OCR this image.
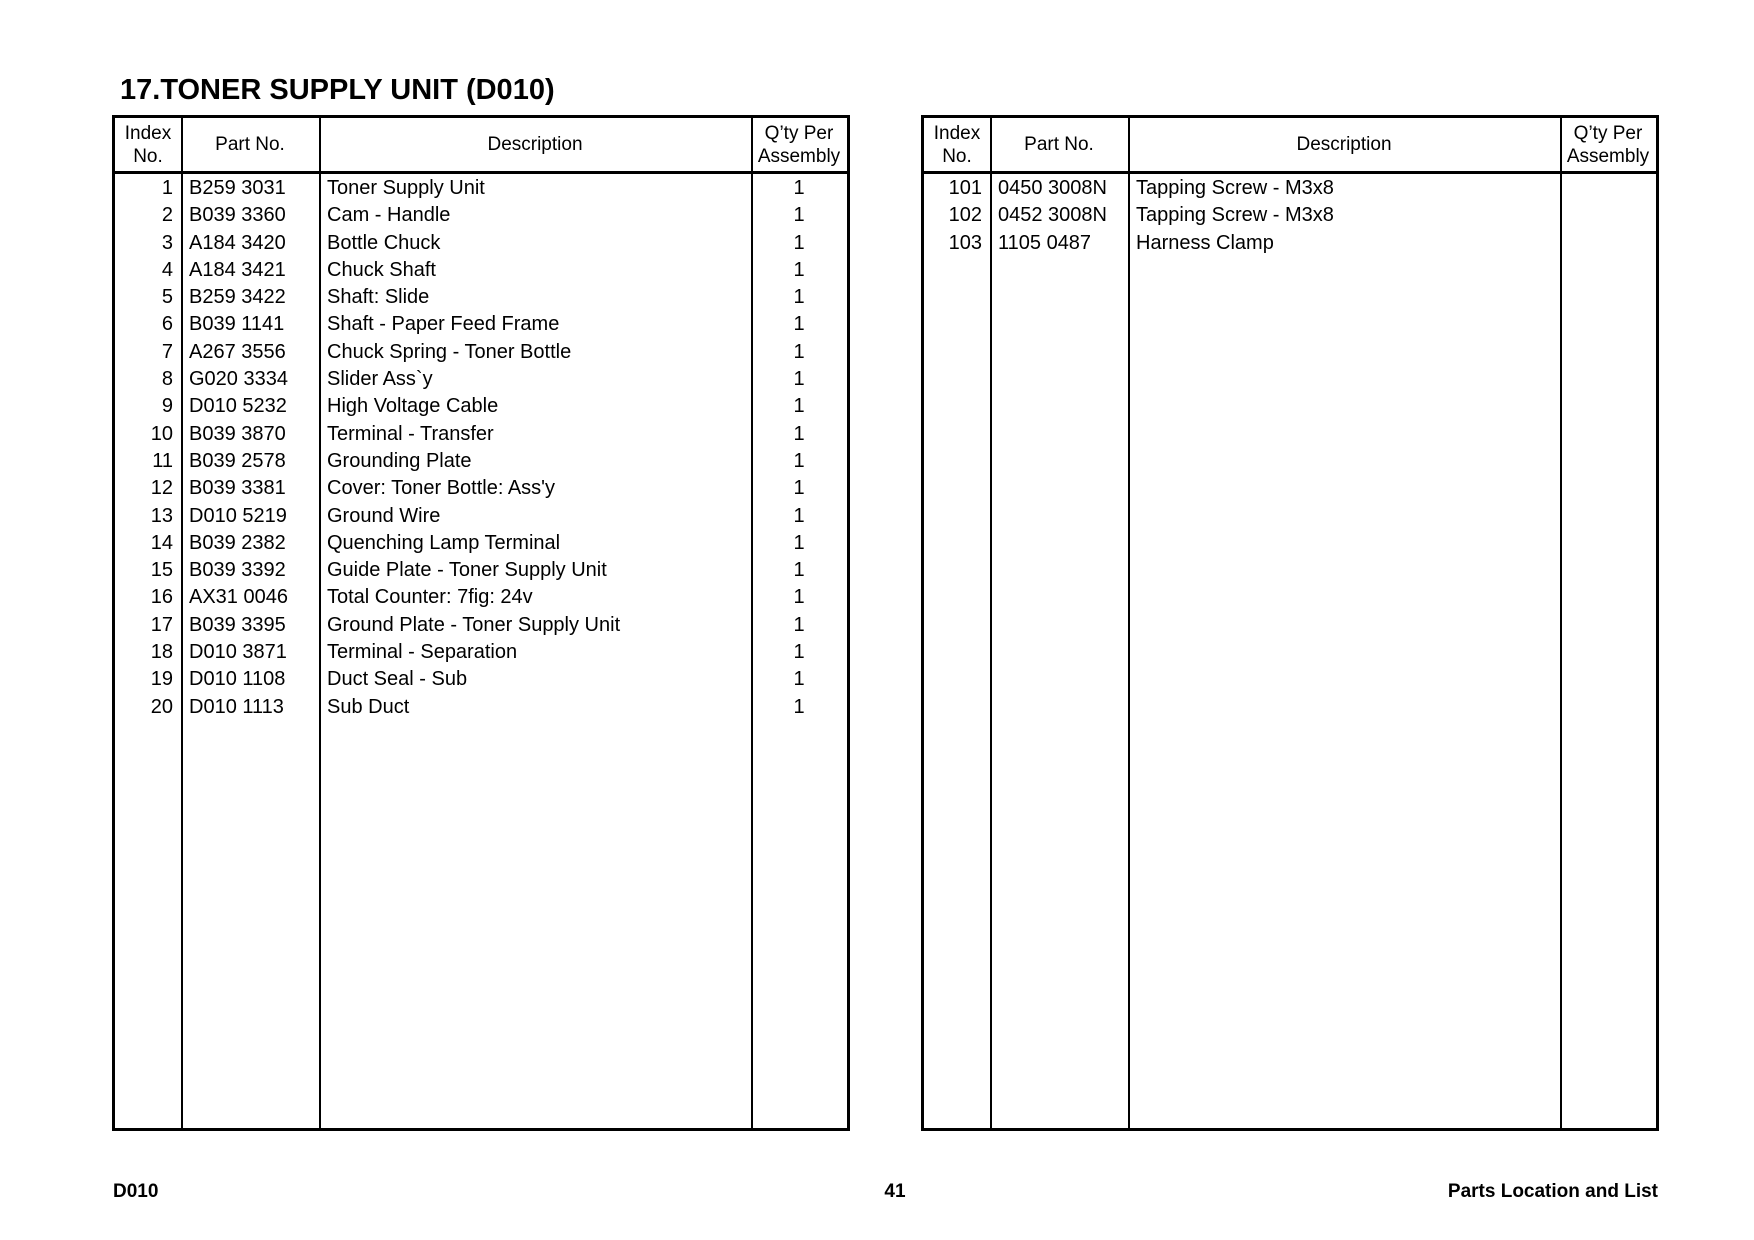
17.TONER SUPPLY UNIT (D010)
Index
No.
Part No.	Description
Q’ty Per
Assembly
1 B259 3031	Toner Supply Unit	1
2 B039 3360	Cam - Handle	1
3 A184 3420	Bottle Chuck	1
4 A184 3421	Chuck Shaft	1
5 B259 3422	Shaft: Slide	1
6 B039 1141	Shaft - Paper Feed Frame	1
7 A267 3556	Chuck Spring - Toner Bottle	1
8 G020 3334	Slider Ass`y	1
9 D010 5232	High Voltage Cable	1
10 B039 3870	Terminal - Transfer	1
11 B039 2578	Grounding Plate	1
12 B039 3381	Cover: Toner Bottle: Ass'y	1
13 D010 5219	Ground Wire	1
14 B039 2382	Quenching Lamp Terminal	1
15 B039 3392	Guide Plate - Toner Supply Unit	1
16 AX31 0046	Total Counter: 7fig: 24v	1
17 B039 3395	Ground Plate - Toner Supply Unit	1
18 D010 3871	Terminal - Separation	1
19 D010 1108	Duct Seal - Sub	1
20 D010 1113	Sub Duct	1
Index
No.
Part No.	Description
Q’ty Per
Assembly
101 0450 3008N	Tapping Screw - M3x8
102 0452 3008N	Tapping Screw - M3x8
103 1105 0487	Harness Clamp
D010	41	Parts Location and List
